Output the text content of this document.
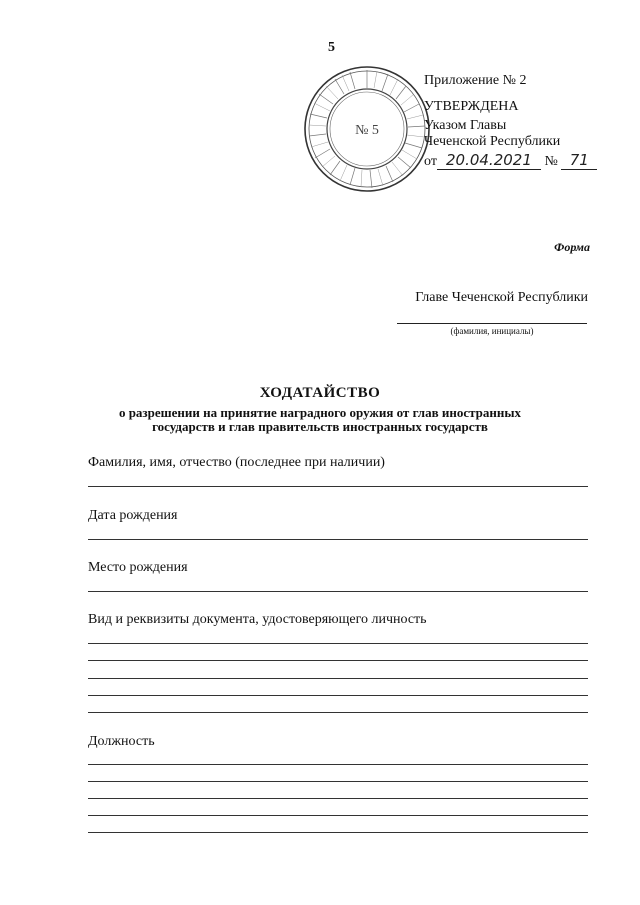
5
№ 5
Приложение № 2
УТВЕРЖДЕНА
Указом Главы
Чеченской Республики
от 20.04.2021 № 71
Форма
Главе Чеченской Республики
(фамилия, инициалы)
ХОДАТАЙСТВО
о разрешении на принятие наградного оружия от глав иностранных
государств и глав правительств иностранных государств
Фамилия, имя, отчество (последнее при наличии)
Дата рождения
Место рождения
Вид и реквизиты документа, удостоверяющего личность
Должность
